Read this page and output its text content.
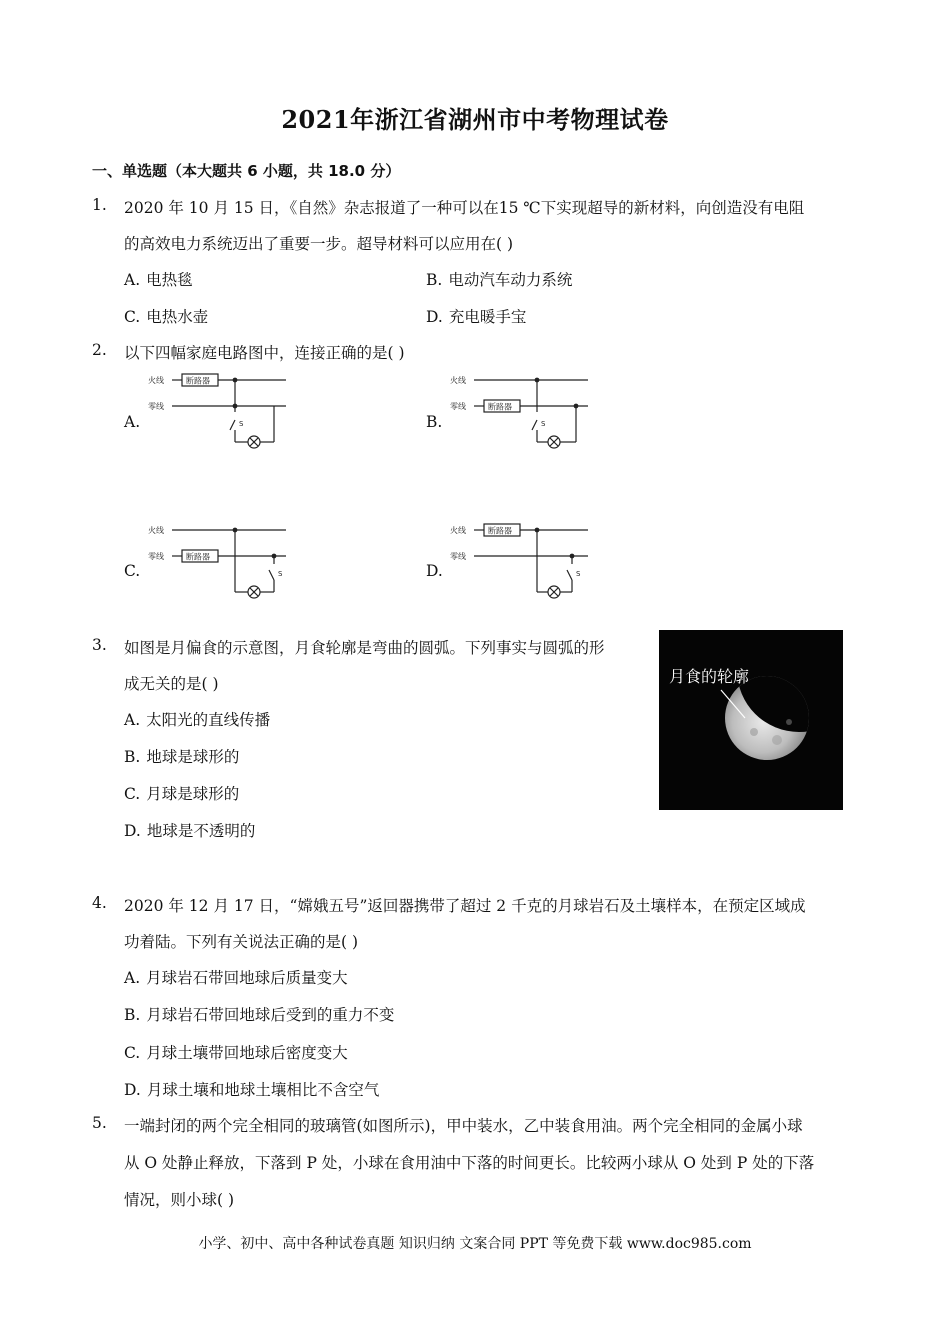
2021年浙江省湖州市中考物理试卷
一、单选题（本大题共 6 小题，共 18.0 分）
1. 2020 年 10 月 15 日，《自然》杂志报道了一种可以在15 ℃下实现超导的新材料，向创造没有电阻
的高效电力系统迈出了重要一步。超导材料可以应用在( )
A. 电热毯	B. 电动汽车动力系统
C. 电热水壶	D. 充电暖手宝
2. 以下四幅家庭电路图中，连接正确的是( )
A.	B.
C.	D.
火线
零线
断路器
S
火线
零线	断路器
S
火线
零线	断路器
S
火线
零线
断路器
S
3. 如图是月偏食的示意图，月食轮廓是弯曲的圆弧。下列事实与圆弧的形
成无关的是( )
A. 太阳光的直线传播
B. 地球是球形的
C. 月球是球形的
D. 地球是不透明的
月食的轮廓
4. 2020 年 12 月 17 日，“嫦娥五号”返回器携带了超过 2 千克的月球岩石及土壤样本，在预定区域成
功着陆。下列有关说法正确的是( )
A. 月球岩石带回地球后质量变大
B. 月球岩石带回地球后受到的重力不变
C. 月球土壤带回地球后密度变大
D. 月球土壤和地球土壤相比不含空气
5. 一端封闭的两个完全相同的玻璃管(如图所示)，甲中装水，乙中装食用油。两个完全相同的金属小球
从 O 处静止释放，下落到 P 处，小球在食用油中下落的时间更长。比较两小球从 O 处到 P 处的下落
情况，则小球( )
小学、初中、高中各种试卷真题 知识归纳 文案合同 PPT 等免费下载 www.doc985.com
